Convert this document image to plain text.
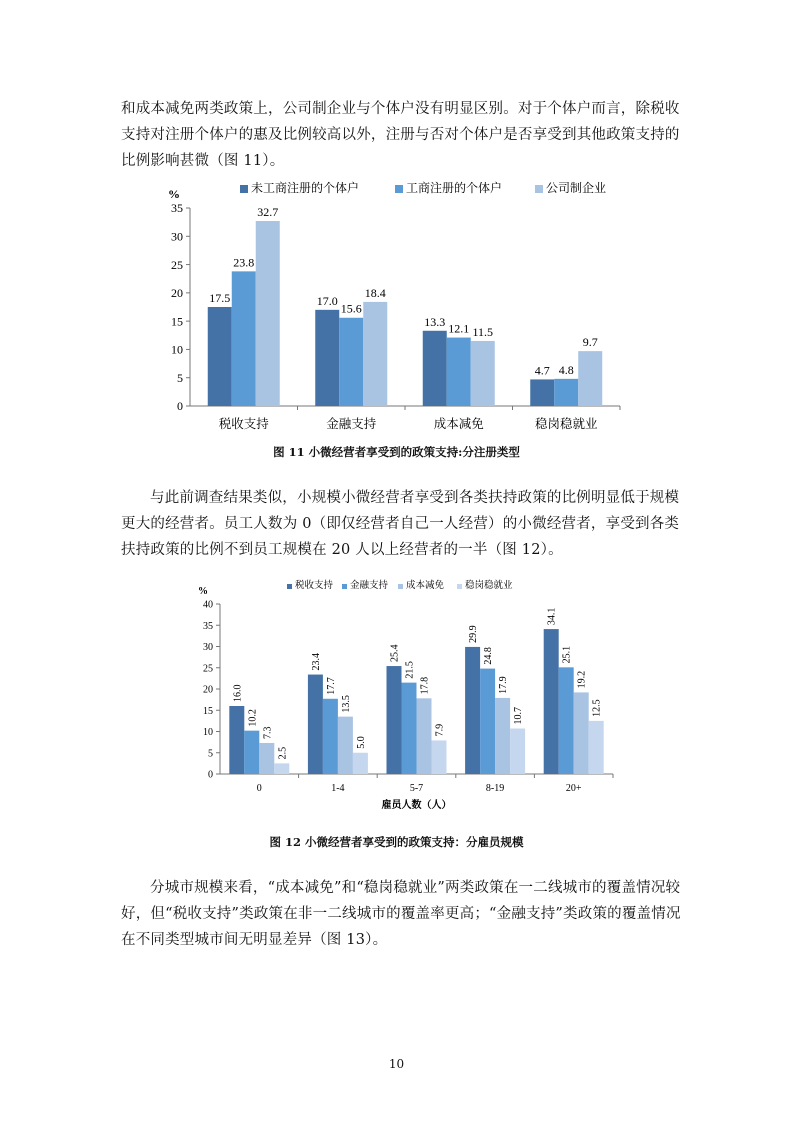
和成本减免两类政策上，公司制企业与个体户没有明显区别。对于个体户而言，除税收支持对注册个体户的惠及比例较高以外，注册与否对个体户是否享受到其他政策支持的比例影响甚微（图 11）。

%	未工商注册的个体户	工商注册的个体户	公司制企业
0
5
10
15
20
25
30
35
17.5
23.8
32.7
税收支持
17.0
15.6
18.4
金融支持
13.3 12.1 11.5
成本减免
4.7 4.8
9.7
稳岗稳就业
图 11 小微经营者享受到的政策支持:分注册类型

与此前调查结果类似，小规模小微经营者享受到各类扶持政策的比例明显低于规模更大的经营者。员工人数为 0（即仅经营者自己一人经营）的小微经营者，享受到各类扶持政策的比例不到员工规模在 20 人以上经营者的一半（图 12）。

%	税收支持 金融支持 成本减免 稳岗稳就业
0
5
10
15
20
25
30
35
40
16.0
10.2
7.3
2.5
0
23.4
17.7
13.5
5.0
1-4
25.4
21.5
17.8
7.9
5-7
29.9
24.8
17.9
10.7
8-19
34.1
25.1
19.2
12.5
20+
雇员人数（人）
图 12 小微经营者享受到的政策支持：分雇员规模

分城市规模来看，“成本减免”和“稳岗稳就业”两类政策在一二线城市的覆盖情况较好，但“税收支持”类政策在非一二线城市的覆盖率更高；“金融支持”类政策的覆盖情况在不同类型城市间无明显差异（图 13）。

10
